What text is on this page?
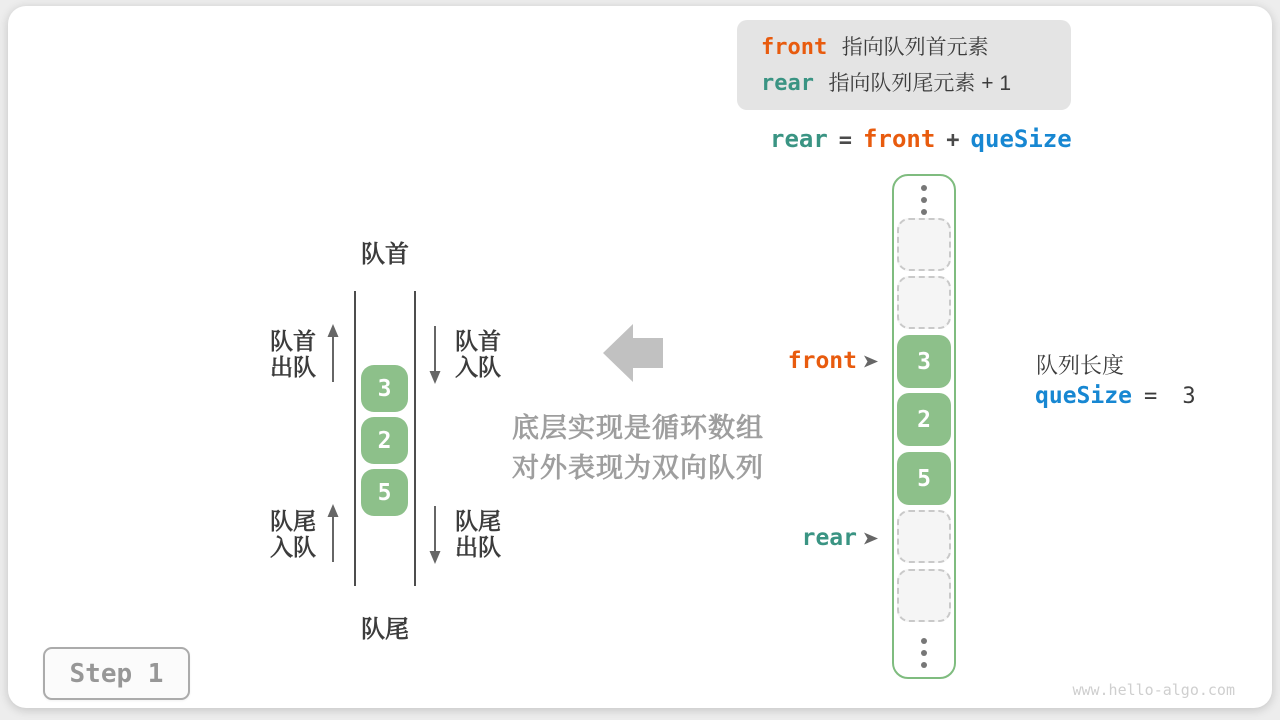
front 指向队列首元素
rear 指向队列尾元素 + 1
rear = front + queSize
队首
队尾
3
2
5
队首
出队
队首
入队
队尾
入队
队尾
出队
底层实现是循环数组
对外表现为双向队列
3
2
5
front
rear
队列长度
queSize = 3
Step 1
www.hello-algo.com
